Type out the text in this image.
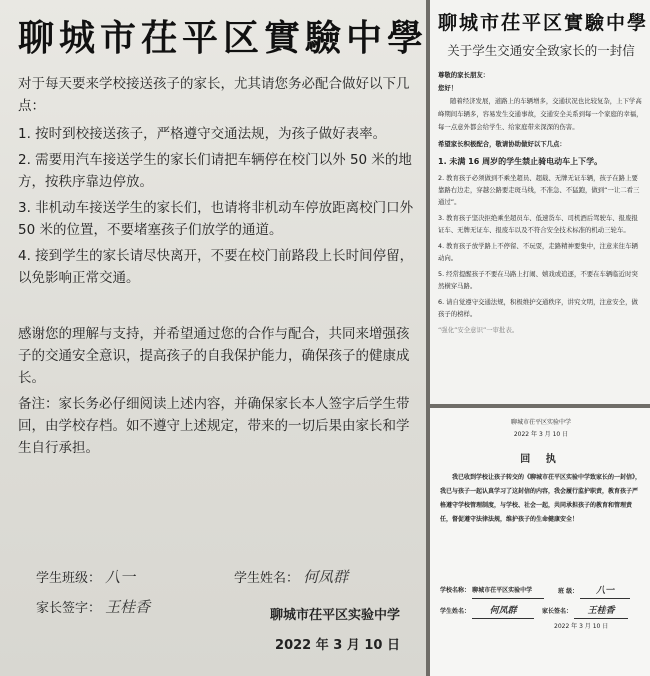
聊城市茌平区實驗中學

对于每天要来学校接送孩子的家长，尤其请您务必配合做好以下几点：

1. 按时到校接送孩子，严格遵守交通法规，为孩子做好表率。

2. 需要用汽车接送学生的家长们请把车辆停在校门以外 50 米的地方，按秩序靠边停放。

3. 非机动车接送学生的家长们，也请将非机动车停放距离校门口外 50 米的位置，不要堵塞孩子们放学的通道。

4. 接到学生的家长请尽快离开，不要在校门前路段上长时间停留，以免影响正常交通。

感谢您的理解与支持，并希望通过您的合作与配合，共同来增强孩子的交通安全意识，提高孩子的自我保护能力，确保孩子的健康成长。

备注：家长务必仔细阅读上述内容，并确保家长本人签字后学生带回，由学校存档。如不遵守上述规定，带来的一切后果由家长和学生自行承担。

学生班级： 八一	学生姓名： 何凤群
家长签字： 王桂香	聊城市茌平区实验中学
2022 年 3 月 10 日
聊城市茌平区實驗中學

关于学生交通安全致家长的一封信

尊敬的家长朋友：

您好！

随着经济发展，道路上的车辆增多，交通状况也比较复杂，上下学高峰期间车辆多，容易发生交通事故，交通安全关系到每一个家庭的幸福，每一点意外都会给学生、给家庭带来深深的伤害。

希望家长积极配合，敬请协助做好以下几点：

1. 未满 16 周岁的学生禁止骑电动车上下学。

2. 教育孩子必须做到不乘坐超员、超载、无牌无证车辆，孩子在路上要靠路右边走，穿越公路要走斑马线，不准急、不猛跑，做到“一让二看三通过”。

3. 教育孩子坚决拒绝乘坐超员车、低速货车、司机酒后驾驶车、报废报证车、无牌无证车、报废车以及不符合安全技术标准的机动三轮车。

4. 教育孩子放学路上不停留、不玩耍，走路精神要集中，注意来往车辆动向。

5. 经常提醒孩子不要在马路上打闹、嬉戏或追逐，不要在车辆临近时突然横穿马路。

6. 请自觉遵守交通法规，积极维护交通秩序，讲究文明，注意安全，做孩子的榜样。

“强化”安全意识”一审批表。

聊城市茌平区实验中学
2022 年 3 月 10 日
回 执

我已收到学校让孩子转交的《聊城市茌平区实验中学致家长的一封信》，我已与孩子一起认真学习了这封信的内容，我会履行监护职责，教育孩子严格遵守学校管理制度，与学校、社会一起，共同承担孩子的教育和管理责任，督促遵守法律法规，维护孩子的生命健康安全！

学校名称： 聊城市茌平区实验中学	班 级： 八一
学生姓名： 何凤群	家长签名： 王桂香
2022 年 3 月 10 日
